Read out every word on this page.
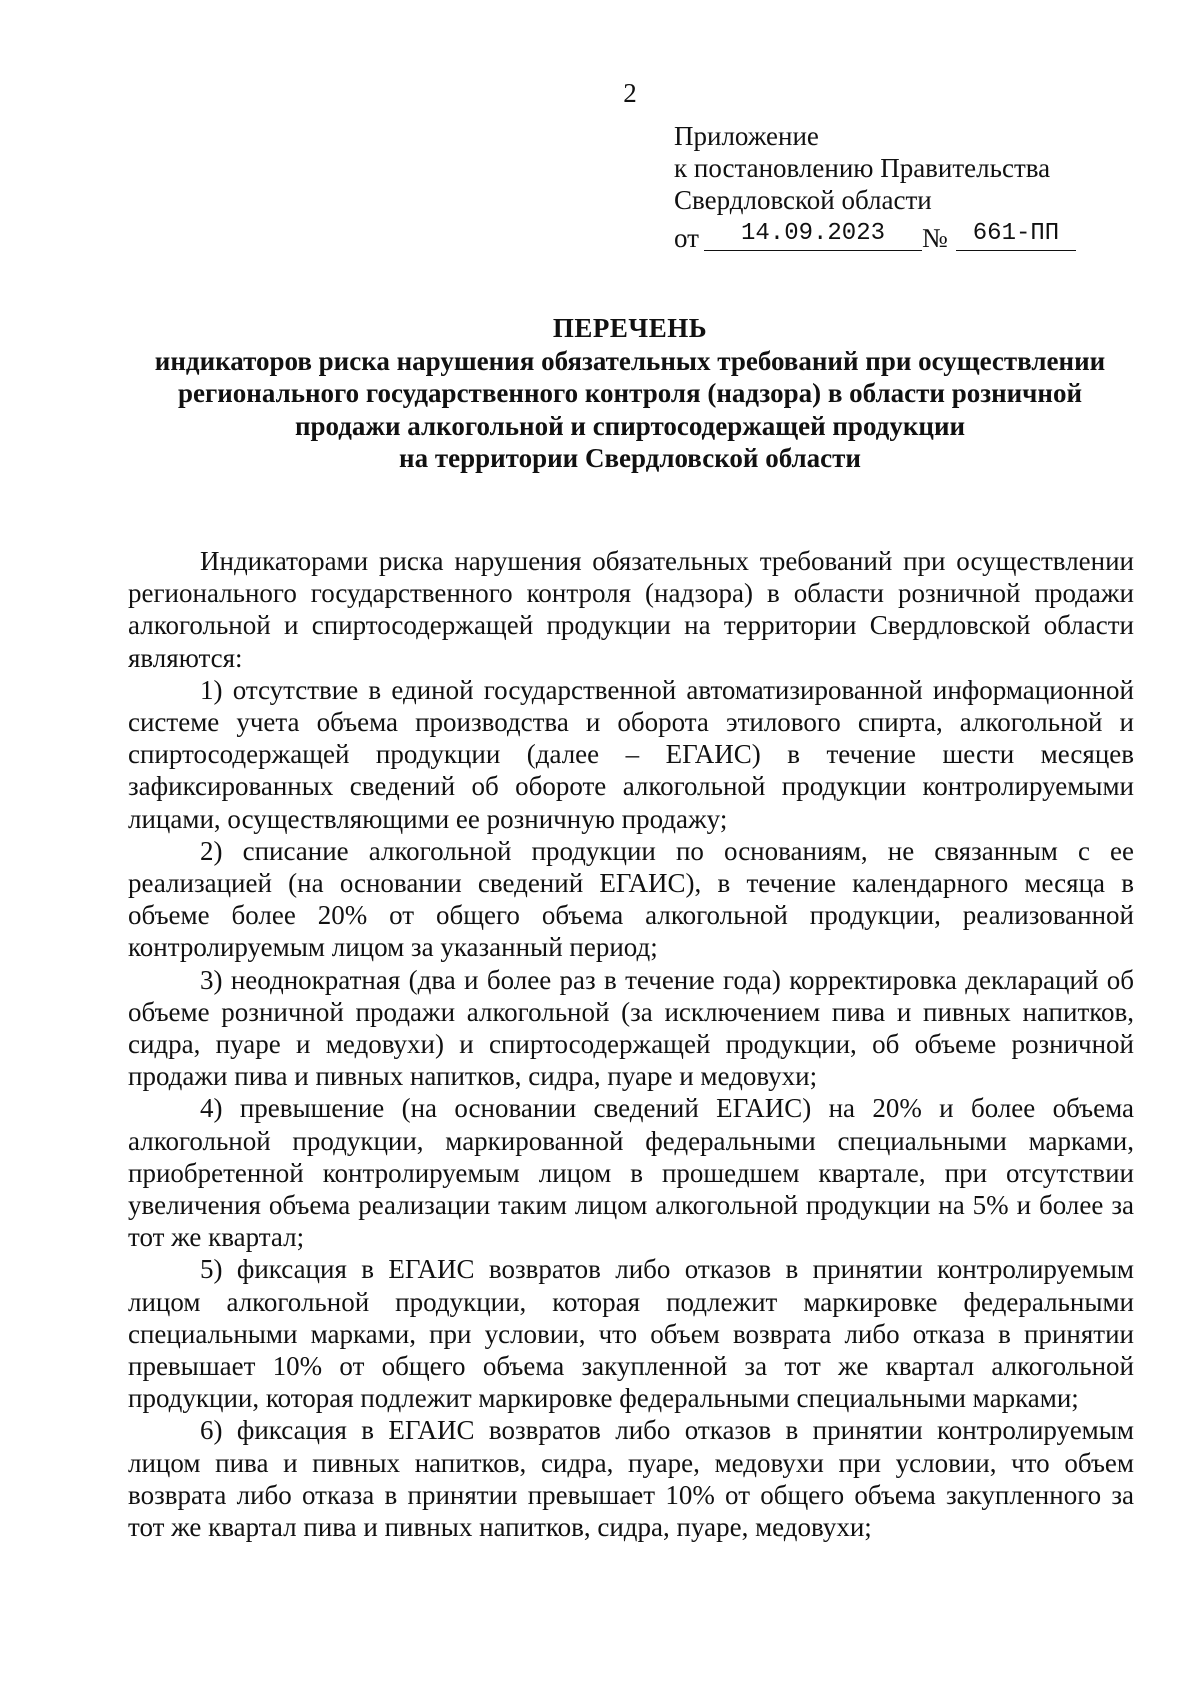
2
Приложение
к постановлению Правительства
Свердловской области
от	14.09.2023	№	661-ПП
ПЕРЕЧЕНЬ
индикаторов риска нарушения обязательных требований при осуществлении
регионального государственного контроля (надзора) в области розничной
продажи алкогольной и спиртосодержащей продукции
на территории Свердловской области

Индикаторами риска нарушения обязательных требований при осуществлении регионального государственного контроля (надзора) в области розничной продажи алкогольной и спиртосодержащей продукции на территории Свердловской области являются:

1) отсутствие в единой государственной автоматизированной информационной системе учета объема производства и оборота этилового спирта, алкогольной и спиртосодержащей продукции (далее – ЕГАИС) в течение шести месяцев зафиксированных сведений об обороте алкогольной продукции контролируемыми лицами, осуществляющими ее розничную продажу;

2) списание алкогольной продукции по основаниям, не связанным с ее реализацией (на основании сведений ЕГАИС), в течение календарного месяца в объеме более 20% от общего объема алкогольной продукции, реализованной контролируемым лицом за указанный период;

3) неоднократная (два и более раз в течение года) корректировка деклараций об объеме розничной продажи алкогольной (за исключением пива и пивных напитков, сидра, пуаре и медовухи) и спиртосодержащей продукции, об объеме розничной продажи пива и пивных напитков, сидра, пуаре и медовухи;

4) превышение (на основании сведений ЕГАИС) на 20% и более объема алкогольной продукции, маркированной федеральными специальными марками, приобретенной контролируемым лицом в прошедшем квартале, при отсутствии увеличения объема реализации таким лицом алкогольной продукции на 5% и более за тот же квартал;

5) фиксация в ЕГАИС возвратов либо отказов в принятии контролируемым лицом алкогольной продукции, которая подлежит маркировке федеральными специальными марками, при условии, что объем возврата либо отказа в принятии превышает 10% от общего объема закупленной за тот же квартал алкогольной продукции, которая подлежит маркировке федеральными специальными марками;

6) фиксация в ЕГАИС возвратов либо отказов в принятии контролируемым лицом пива и пивных напитков, сидра, пуаре, медовухи при условии, что объем возврата либо отказа в принятии превышает 10% от общего объема закупленного за тот же квартал пива и пивных напитков, сидра, пуаре, медовухи;
